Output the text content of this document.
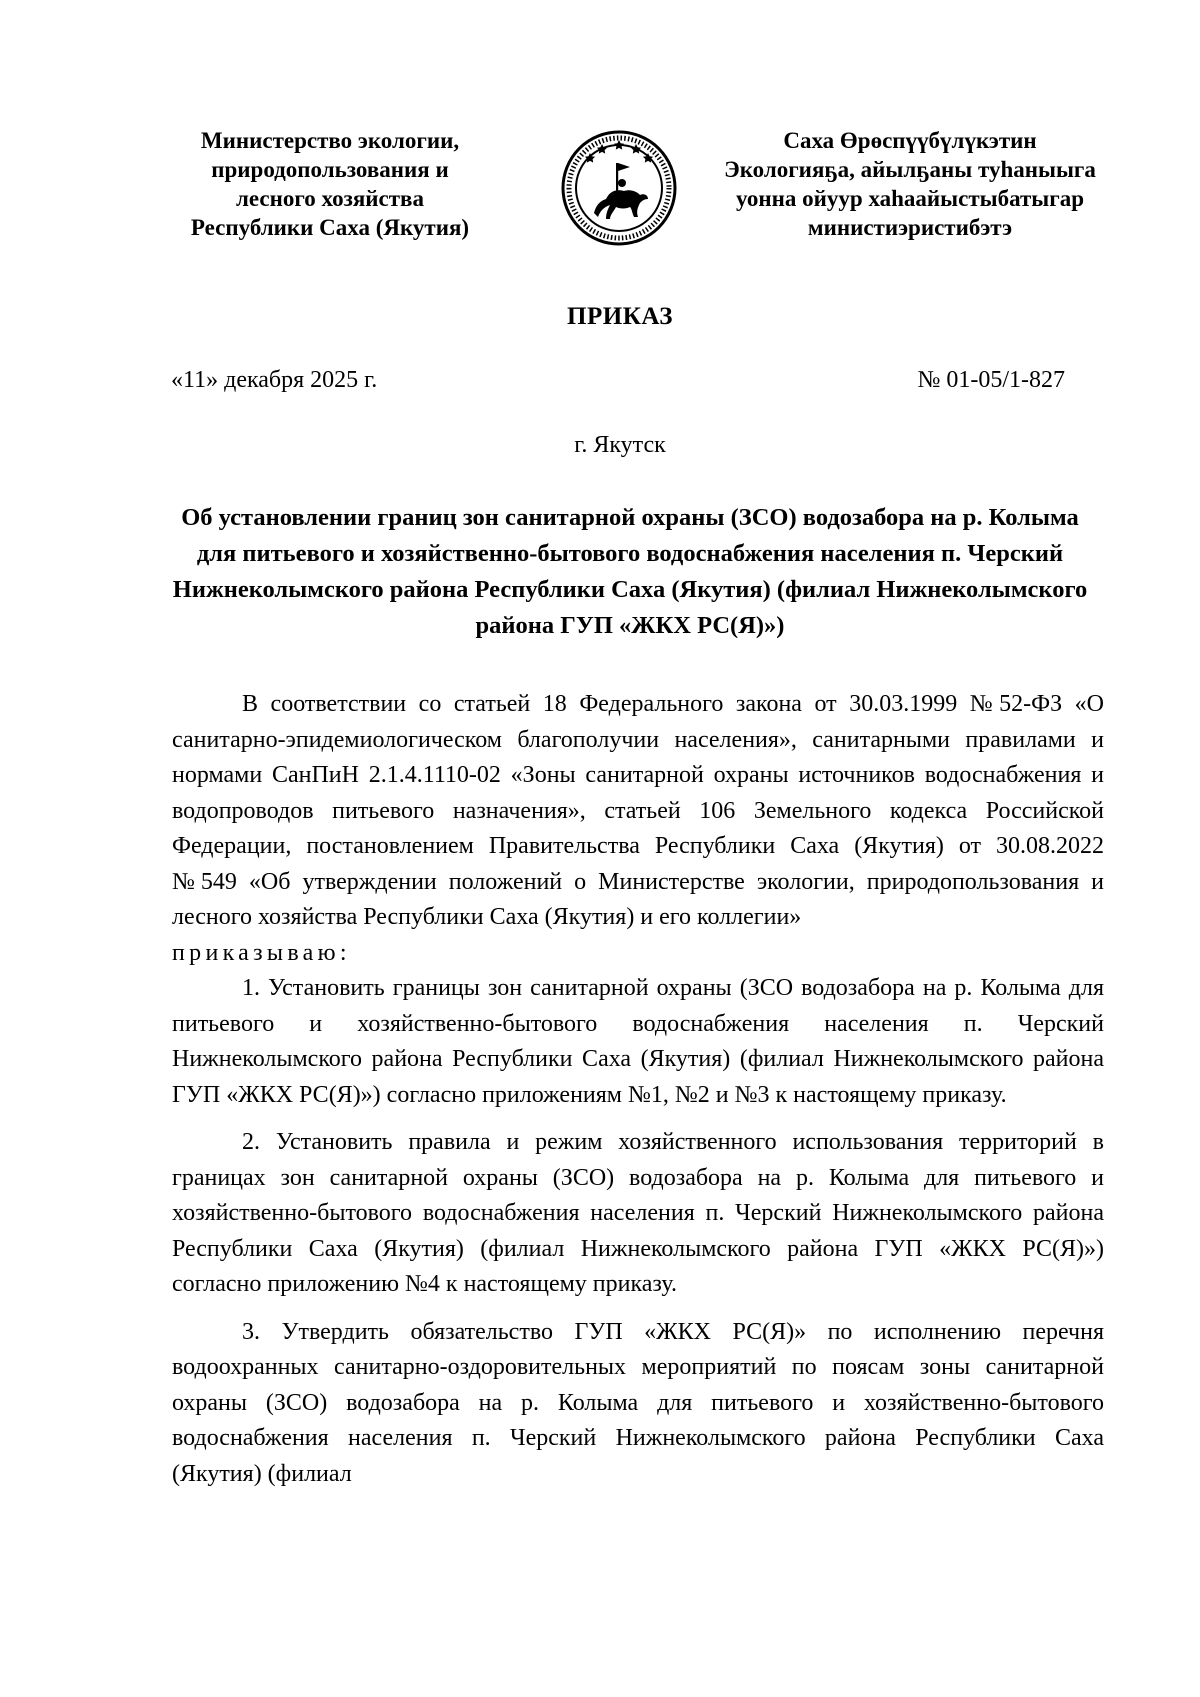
Министерство экологии,
природопользования и
лесного хозяйства
Республики Саха (Якутия)
Саха Өрөспүүбүлүкэтин
Экологияҕа, айылҕаны туһаныыга
уонна ойуур хаһаайыстыбатыгар
министиэристибэтэ
ПРИКАЗ
«11» декабря 2025 г.	№ 01-05/1-827
г. Якутск
Об установлении границ зон санитарной охраны (ЗСО) водозабора на р. Колыма для питьевого и хозяйственно-бытового водоснабжения населения п. Черский Нижнеколымского района Республики Саха (Якутия) (филиал Нижнеколымского района ГУП «ЖКХ РС(Я)»)

В соответствии со статьей 18 Федерального закона от 30.03.1999 №52-ФЗ «О санитарно-эпидемиологическом благополучии населения», санитарными правилами и нормами СанПиН 2.1.4.1110-02 «Зоны санитарной охраны источников водоснабжения и водопроводов питьевого назначения», статьей 106 Земельного кодекса Российской Федерации, постановлением Правительства Республики Саха (Якутия) от 30.08.2022 №549 «Об утверждении положений о Министерстве экологии, природопользования и лесного хозяйства Республики Саха (Якутия) и его коллегии»

приказываю:

1. Установить границы зон санитарной охраны (ЗСО водозабора на р. Колыма для питьевого и хозяйственно-бытового водоснабжения населения п. Черский Нижнеколымского района Республики Саха (Якутия) (филиал Нижнеколымского района ГУП «ЖКХ РС(Я)») согласно приложениям №1, №2 и №3 к настоящему приказу.

2. Установить правила и режим хозяйственного использования территорий в границах зон санитарной охраны (ЗСО) водозабора на р. Колыма для питьевого и хозяйственно-бытового водоснабжения населения п. Черский Нижнеколымского района Республики Саха (Якутия) (филиал Нижнеколымского района ГУП «ЖКХ РС(Я)») согласно приложению №4 к настоящему приказу.

3. Утвердить обязательство ГУП «ЖКХ РС(Я)» по исполнению перечня водоохранных санитарно-оздоровительных мероприятий по поясам зоны санитарной охраны (ЗСО) водозабора на р. Колыма для питьевого и хозяйственно-бытового водоснабжения населения п. Черский Нижнеколымского района Республики Саха (Якутия) (филиал
